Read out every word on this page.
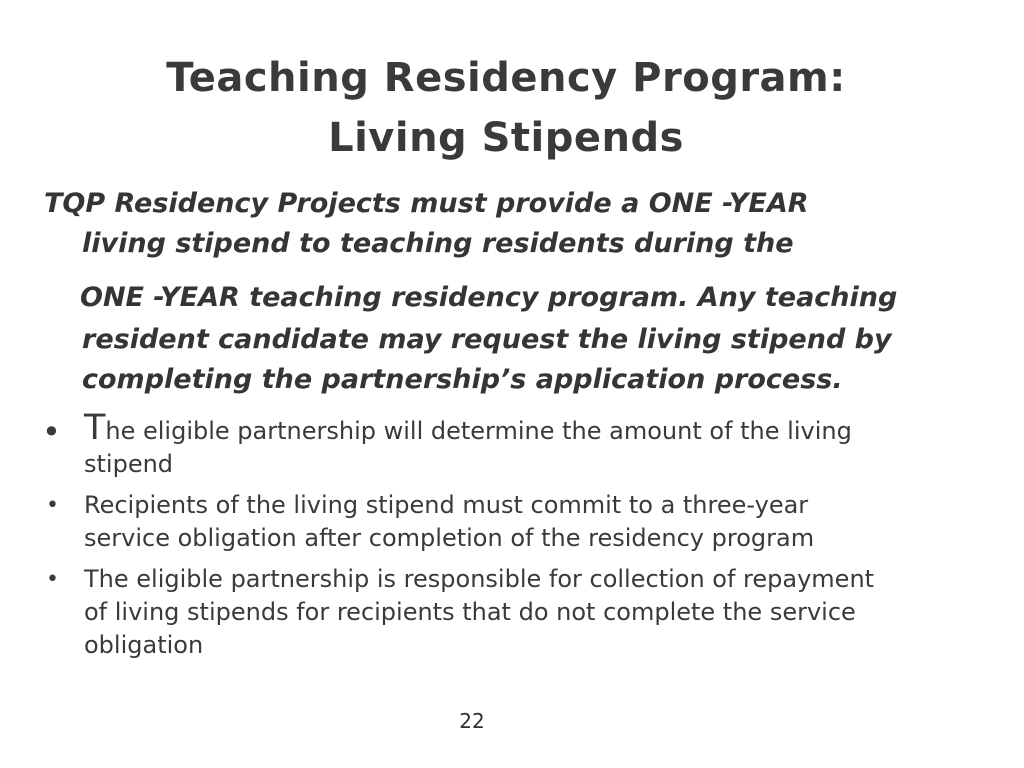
Teaching Residency Program:
Living Stipends
TQP Residency Projects must provide a ONE -YEAR
living stipend to teaching residents during the
ONE -YEAR teaching residency program. Any teaching
resident candidate may request the living stipend by
completing the partnership’s application process.
• The eligible partnership will determine the amount of the living
stipend
• Recipients of the living stipend must commit to a three-year
service obligation after completion of the residency program
• The eligible partnership is responsible for collection of repayment
of living stipends for recipients that do not complete the service
obligation
22
